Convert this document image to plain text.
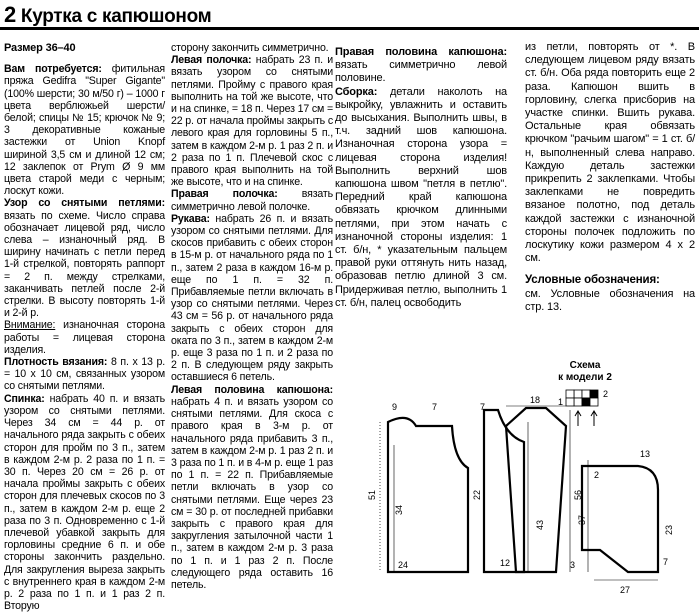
2 Куртка с капюшоном

Размер 36–40

Вам потребуется: фитильная пряжа Gedifra "Super Gigante" (100% шерсти; 30 м/50 г) – 1000 г цвета верблюжьей шерсти/белой; спицы № 15; крючок № 9; 3 декоративные кожаные застежки от Union Knopf шириной 3,5 см и длиной 12 см; 12 заклепок от Prym Ø 9 мм цвета старой меди с черным; лоскут кожи.

Узор со снятыми петлями: вязать по схеме. Число справа обозначает лицевой ряд, число слева – изнаночный ряд. В ширину начинать с петли перед 1-й стрелкой, повторять раппорт = 2 п. между стрелками, заканчивать петлей после 2-й стрелки. В высоту повторять 1-й и 2-й р.

Внимание: изнаночная сторона работы = лицевая сторона изделия.

Плотность вязания: 8 п. x 13 р. = 10 x 10 см, связанных узором со снятыми петлями.

Спинка: набрать 40 п. и вязать узором со снятыми петлями. Через 34 см = 44 р. от начального ряда закрыть с обеих сторон для пройм по 3 п., затем в каждом 2-м р. 2 раза по 1 п. = 30 п. Через 20 см = 26 р. от начала проймы закрыть с обеих сторон для плечевых скосов по 3 п., затем в каждом 2-м р. еще 2 раза по 3 п. Одновременно с 1-й плечевой убавкой закрыть для горловины средние 6 п. и обе стороны закончить раздельно. Для закругления выреза закрыть с внутреннего края в каждом 2-м р. 2 раза по 1 п. и 1 раз 2 п. Вторую

сторону закончить симметрично.

Левая полочка: набрать 23 п. и вязать узором со снятыми петлями. Пройму с правого края выполнить на той же высоте, что и на спинке, = 18 п. Через 17 см = 22 р. от начала проймы закрыть с левого края для горловины 5 п., затем в каждом 2-м р. 1 раз 2 п. и 2 раза по 1 п. Плечевой скос с правого края выполнить на той же высоте, что и на спинке.

Правая полочка: вязать симметрично левой полочке.

Рукава: набрать 26 п. и вязать узором со снятыми петлями. Для скосов прибавить с обеих сторон в 15-м р. от начального ряда по 1 п., затем 2 раза в каждом 16-м р. еще по 1 п. = 32 п. Прибавляемые петли включать в узор со снятыми петлями. Через 43 см = 56 р. от начального ряда закрыть с обеих сторон для оката по 3 п., затем в каждом 2-м р. еще 3 раза по 1 п. и 2 раза по 2 п. В следующем ряду закрыть оставшиеся 6 петель.

Левая половина капюшона: набрать 4 п. и вязать узором со снятыми петлями. Для скоса с правого края в 3-м р. от начального ряда прибавить 3 п., затем в каждом 2-м р. 1 раз 2 п. и 3 раза по 1 п. и в 4-м р. еще 1 раз по 1 п. = 22 п. Прибавляемые петли включать в узор со снятыми петлями. Еще через 23 см = 30 р. от последней прибавки закрыть с правого края для закругления затылочной части 1 п., затем в каждом 2-м р. 3 раза по 1 п. и 1 раз 2 п. После следующего ряда оставить 16 петель.

Правая половина капюшона: вязать симметрично левой половине.

Сборка: детали наколоть на выкройку, увлажнить и оставить до высыхания. Выполнить швы, в т.ч. задний шов капюшона. Изнаночная сторона узора = лицевая сторона изделия! Выполнить верхний шов капюшона швом "петля в петлю". Передний край капюшона обвязать крючком длинными петлями, при этом начать с изнаночной стороны изделия: 1 ст. б/н, * указательным пальцем правой руки оттянуть нить назад, образовав петлю длиной 3 см. Придерживая петлю, выполнить 1 ст. б/н, палец освободить

из петли, повторять от *. В следующем лицевом ряду вязать ст. б/н. Оба ряда повторить еще 2 раза. Капюшон вшить в горловину, слегка присборив на участке спинки. Вшить рукава. Остальные края обвязать крючком "рачьим шагом" = 1 ст. б/н, выполненный слева направо. Каждую деталь застежки прикрепить 2 заклепками. Чтобы заклепками не повредить вязаное полотно, под деталь каждой застежки с изнаночной стороны полочек подложить по лоскутику кожи размером 4 x 2 см.

Условные обозначения:

см. Условные обозначения на стр. 13.

Схема
к модели 2
2
1
51
34
24
9	7
22
12
7
18
56
43
3
37
23
27
13
7
2
